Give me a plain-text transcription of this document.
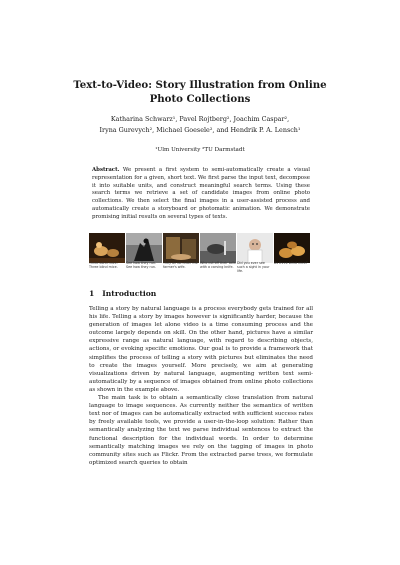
Text-to-Video: Story Illustration from Online Photo Collections
Katharina Schwarz¹, Pavel Rojtberg², Joachim Caspar²,
Iryna Gurevych², Michael Goesele², and Hendrik P. A. Lensch¹
¹Ulm University ²TU Darmstadt
Abstract. We present a first system to semi-automatically create a visual representation for a given, short text. We first parse the input text, decompose it into suitable units, and construct meaningful search terms. Using these search terms we retrieve a set of candidate images from online photo collections. We then select the final images in a user-assisted process and automatically create a storyboard or photomatic animation. We demonstrate promising initial results on several types of texts.
Three blind mice. Three blind mice.
See how they run. See how they run.
They all ran after the farmer's wife.
Who cut off their tails with a carving knife.
Did you ever see such a sight in your life.
As three blind mice?
1 Introduction

Telling a story by natural language is a process everybody gets trained for all his life. Telling a story by images however is significantly harder, because the generation of images let alone video is a time consuming process and the outcome largely depends on skill. On the other hand, pictures have a similar expressive range as natural language, with regard to describing objects, actions, or evoking specific emotions. Our goal is to provide a framework that simplifies the process of telling a story with pictures but eliminates the need to create the images yourself. More precisely, we aim at generating visualizations driven by natural language, augmenting written text semi-automatically by a sequence of images obtained from online photo collections as shown in the example above.

The main task is to obtain a semantically close translation from natural language to image sequences. As currently neither the semantics of written text nor of images can be automatically extracted with sufficient success rates by freely available tools, we provide a user-in-the-loop solution: Rather than semantically analyzing the text we parse individual sentences to extract the functional description for the individual words. In order to determine semantically matching images we rely on the tagging of images in photo community sites such as Flickr. From the extracted parse trees, we formulate optimized search queries to obtain
